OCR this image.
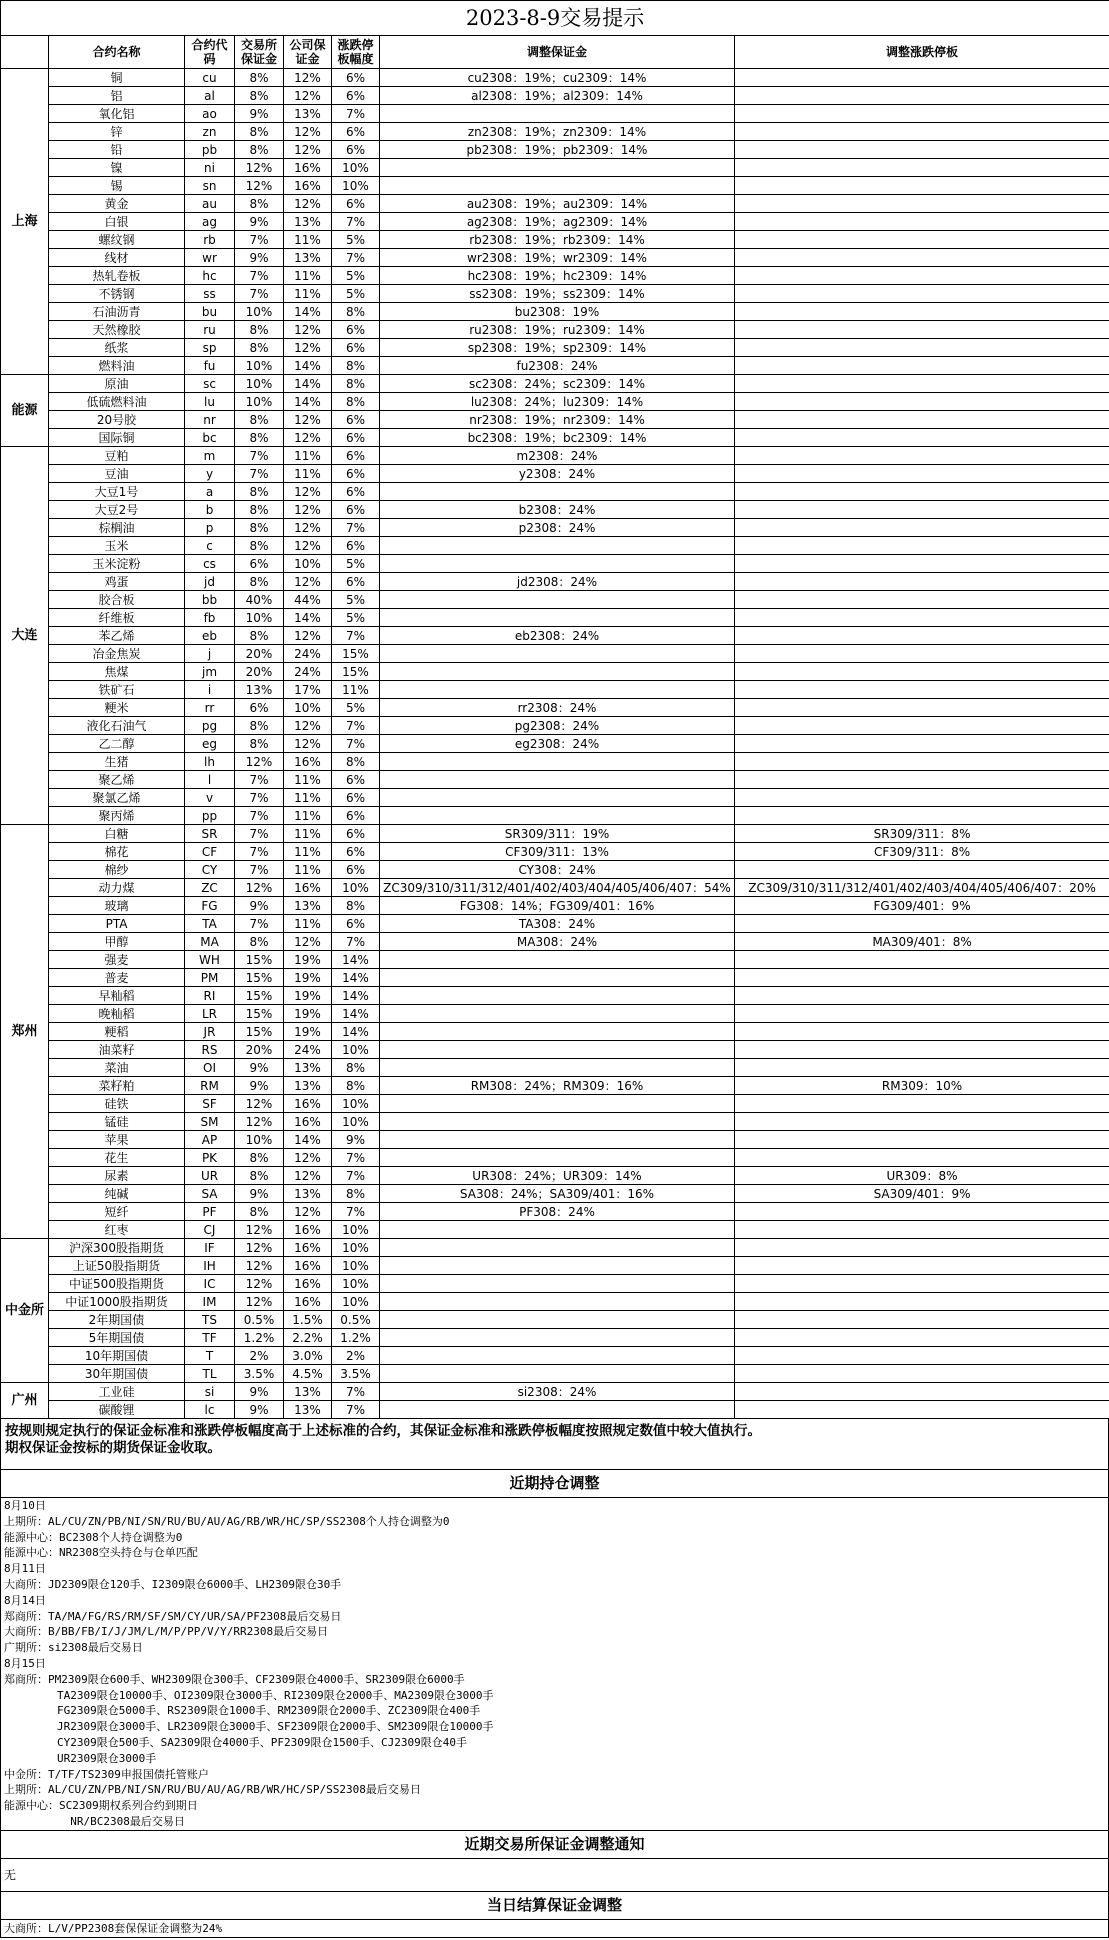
2023-8-9交易提示							
	合约名称	合约代码	交易所保证金	公司保证金	涨跌停板幅度	调整保证金	调整涨跌停板
上海	铜	cu	8%	12%	6%	cu2308：19%；cu2309：14%	
	铝	al	8%	12%	6%	al2308：19%；al2309：14%	
	氧化铝	ao	9%	13%	7%		
	锌	zn	8%	12%	6%	zn2308：19%；zn2309：14%	
	铅	pb	8%	12%	6%	pb2308：19%；pb2309：14%	
	镍	ni	12%	16%	10%		
	锡	sn	12%	16%	10%		
	黄金	au	8%	12%	6%	au2308：19%；au2309：14%	
	白银	ag	9%	13%	7%	ag2308：19%；ag2309：14%	
	螺纹钢	rb	7%	11%	5%	rb2308：19%；rb2309：14%	
	线材	wr	9%	13%	7%	wr2308：19%；wr2309：14%	
	热轧卷板	hc	7%	11%	5%	hc2308：19%；hc2309：14%	
	不锈钢	ss	7%	11%	5%	ss2308：19%；ss2309：14%	
	石油沥青	bu	10%	14%	8%	bu2308：19%	
	天然橡胶	ru	8%	12%	6%	ru2308：19%；ru2309：14%	
	纸浆	sp	8%	12%	6%	sp2308：19%；sp2309：14%	
	燃料油	fu	10%	14%	8%	fu2308：24%	
能源	原油	sc	10%	14%	8%	sc2308：24%；sc2309：14%	
	低硫燃料油	lu	10%	14%	8%	lu2308：24%；lu2309：14%	
	20号胶	nr	8%	12%	6%	nr2308：19%；nr2309：14%	
	国际铜	bc	8%	12%	6%	bc2308：19%；bc2309：14%	
大连	豆粕	m	7%	11%	6%	m2308：24%	
	豆油	y	7%	11%	6%	y2308：24%	
	大豆1号	a	8%	12%	6%		
	大豆2号	b	8%	12%	6%	b2308：24%	
	棕榈油	p	8%	12%	7%	p2308：24%	
	玉米	c	8%	12%	6%		
	玉米淀粉	cs	6%	10%	5%		
	鸡蛋	jd	8%	12%	6%	jd2308：24%	
	胶合板	bb	40%	44%	5%		
	纤维板	fb	10%	14%	5%		
	苯乙烯	eb	8%	12%	7%	eb2308：24%	
	冶金焦炭	j	20%	24%	15%		
	焦煤	jm	20%	24%	15%		
	铁矿石	i	13%	17%	11%		
	粳米	rr	6%	10%	5%	rr2308：24%	
	液化石油气	pg	8%	12%	7%	pg2308：24%	
	乙二醇	eg	8%	12%	7%	eg2308：24%	
	生猪	lh	12%	16%	8%		
	聚乙烯	l	7%	11%	6%		
	聚氯乙烯	v	7%	11%	6%		
	聚丙烯	pp	7%	11%	6%		
郑州	白糖	SR	7%	11%	6%	SR309/311：19%	SR309/311：8%
	棉花	CF	7%	11%	6%	CF309/311：13%	CF309/311：8%
	棉纱	CY	7%	11%	6%	CY308：24%	
	动力煤	ZC	12%	16%	10%	ZC309/310/311/312/401/402/403/404/405/406/407：54%	ZC309/310/311/312/401/402/403/404/405/406/407：20%
	玻璃	FG	9%	13%	8%	FG308：14%；FG309/401：16%	FG309/401：9%
	PTA	TA	7%	11%	6%	TA308：24%	
	甲醇	MA	8%	12%	7%	MA308：24%	MA309/401：8%
	强麦	WH	15%	19%	14%		
	普麦	PM	15%	19%	14%		
	早籼稻	RI	15%	19%	14%		
	晚籼稻	LR	15%	19%	14%		
	粳稻	JR	15%	19%	14%		
	油菜籽	RS	20%	24%	10%		
	菜油	OI	9%	13%	8%		
	菜籽粕	RM	9%	13%	8%	RM308：24%；RM309：16%	RM309：10%
	硅铁	SF	12%	16%	10%		
	锰硅	SM	12%	16%	10%		
	苹果	AP	10%	14%	9%		
	花生	PK	8%	12%	7%		
	尿素	UR	8%	12%	7%	UR308：24%；UR309：14%	UR309：8%
	纯碱	SA	9%	13%	8%	SA308：24%；SA309/401：16%	SA309/401：9%
	短纤	PF	8%	12%	7%	PF308：24%	
	红枣	CJ	12%	16%	10%		
中金所	沪深300股指期货	IF	12%	16%	10%		
	上证50股指期货	IH	12%	16%	10%		
	中证500股指期货	IC	12%	16%	10%		
	中证1000股指期货	IM	12%	16%	10%		
	2年期国债	TS	0.5%	1.5%	0.5%		
	5年期国债	TF	1.2%	2.2%	1.2%		
	10年期国债	T	2%	3.0%	2%		
	30年期国债	TL	3.5%	4.5%	3.5%		
广州	工业硅	si	9%	13%	7%	si2308：24%	
	碳酸锂	lc	9%	13%	7%		
按规则规定执行的保证金标准和涨跌停板幅度高于上述标准的合约，其保证金标准和涨跌停板幅度按照规定数值中较大值执行。
期权保证金按标的期货保证金收取。
近期持仓调整
8月10日
上期所：AL/CU/ZN/PB/NI/SN/RU/BU/AU/AG/RB/WR/HC/SP/SS2308个人持仓调整为0
能源中心：BC2308个人持仓调整为0
能源中心：NR2308空头持仓与仓单匹配
8月11日
大商所：JD2309限仓120手、I2309限仓6000手、LH2309限仓30手
8月14日
郑商所：TA/MA/FG/RS/RM/SF/SM/CY/UR/SA/PF2308最后交易日
大商所：B/BB/FB/I/J/JM/L/M/P/PP/V/Y/RR2308最后交易日
广期所：si2308最后交易日
8月15日
郑商所：PM2309限仓600手、WH2309限仓300手、CF2309限仓4000手、SR2309限仓6000手
TA2309限仓10000手、OI2309限仓3000手、RI2309限仓2000手、MA2309限仓3000手
FG2309限仓5000手、RS2309限仓1000手、RM2309限仓2000手、ZC2309限仓400手
JR2309限仓3000手、LR2309限仓3000手、SF2309限仓2000手、SM2309限仓10000手
CY2309限仓500手、SA2309限仓4000手、PF2309限仓1500手、CJ2309限仓40手
UR2309限仓3000手
中金所：T/TF/TS2309申报国债托管账户
上期所：AL/CU/ZN/PB/NI/SN/RU/BU/AU/AG/RB/WR/HC/SP/SS2308最后交易日
能源中心：SC2309期权系列合约到期日
NR/BC2308最后交易日
近期交易所保证金调整通知
无
当日结算保证金调整
大商所：L/V/PP2308套保保证金调整为24%
